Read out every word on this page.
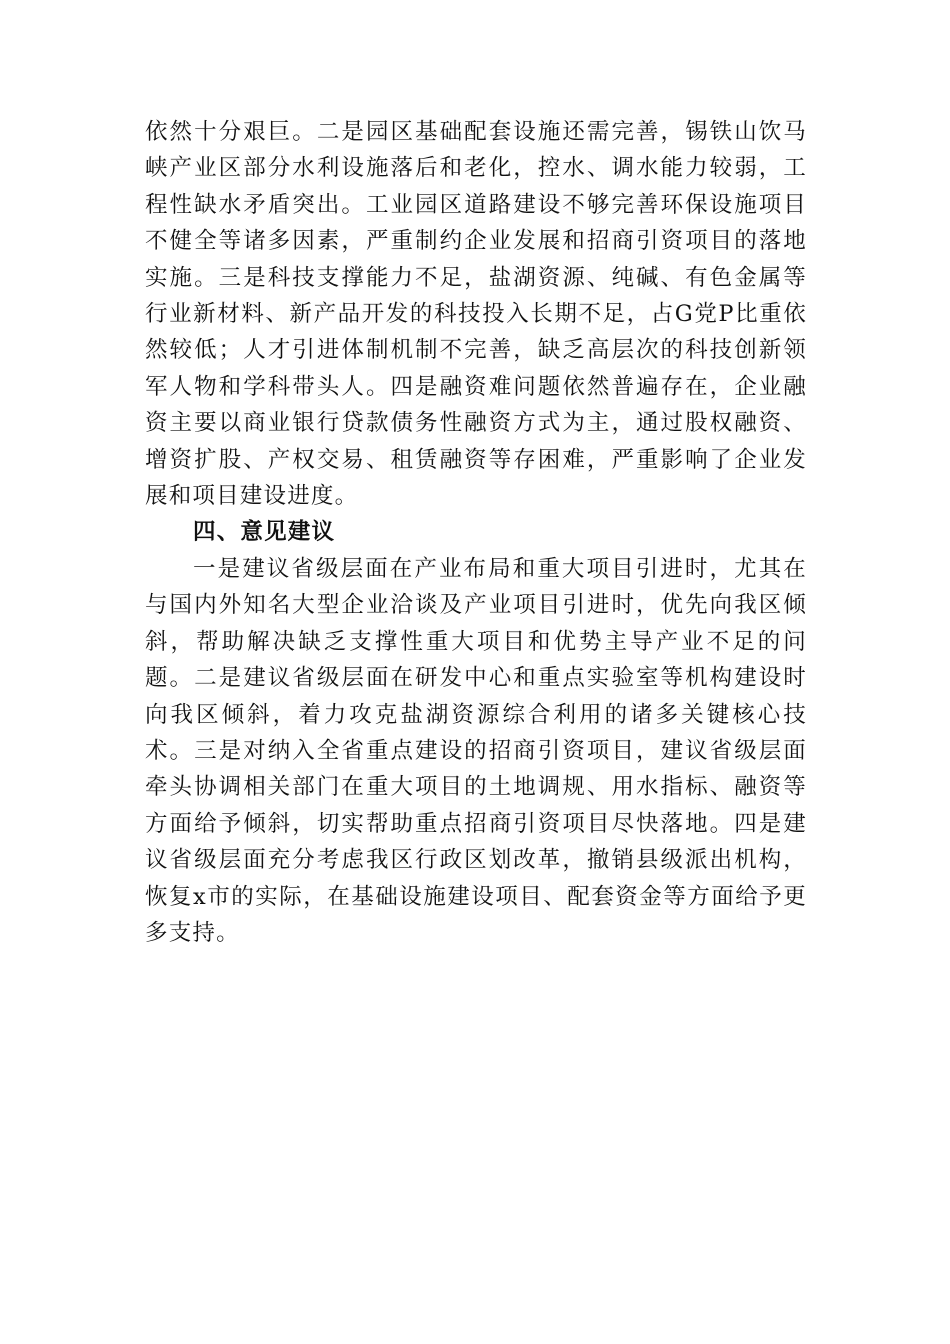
依然十分艰巨。二是园区基础配套设施还需完善，锡铁山饮马峡产业区部分水利设施落后和老化，控水、调水能力较弱，工程性缺水矛盾突出。工业园区道路建设不够完善环保设施项目不健全等诸多因素，严重制约企业发展和招商引资项目的落地实施。三是科技支撑能力不足，盐湖资源、纯碱、有色金属等行业新材料、新产品开发的科技投入长期不足，占G党P比重依然较低；人才引进体制机制不完善，缺乏高层次的科技创新领军人物和学科带头人。四是融资难问题依然普遍存在，企业融资主要以商业银行贷款债务性融资方式为主，通过股权融资、增资扩股、产权交易、租赁融资等存困难，严重影响了企业发展和项目建设进度。

四、意见建议

一是建议省级层面在产业布局和重大项目引进时，尤其在与国内外知名大型企业洽谈及产业项目引进时，优先向我区倾斜，帮助解决缺乏支撑性重大项目和优势主导产业不足的问题。二是建议省级层面在研发中心和重点实验室等机构建设时向我区倾斜，着力攻克盐湖资源综合利用的诸多关键核心技术。三是对纳入全省重点建设的招商引资项目，建议省级层面牵头协调相关部门在重大项目的土地调规、用水指标、融资等方面给予倾斜，切实帮助重点招商引资项目尽快落地。四是建议省级层面充分考虑我区行政区划改革，撤销县级派出机构，恢复x市的实际，在基础设施建设项目、配套资金等方面给予更多支持。
